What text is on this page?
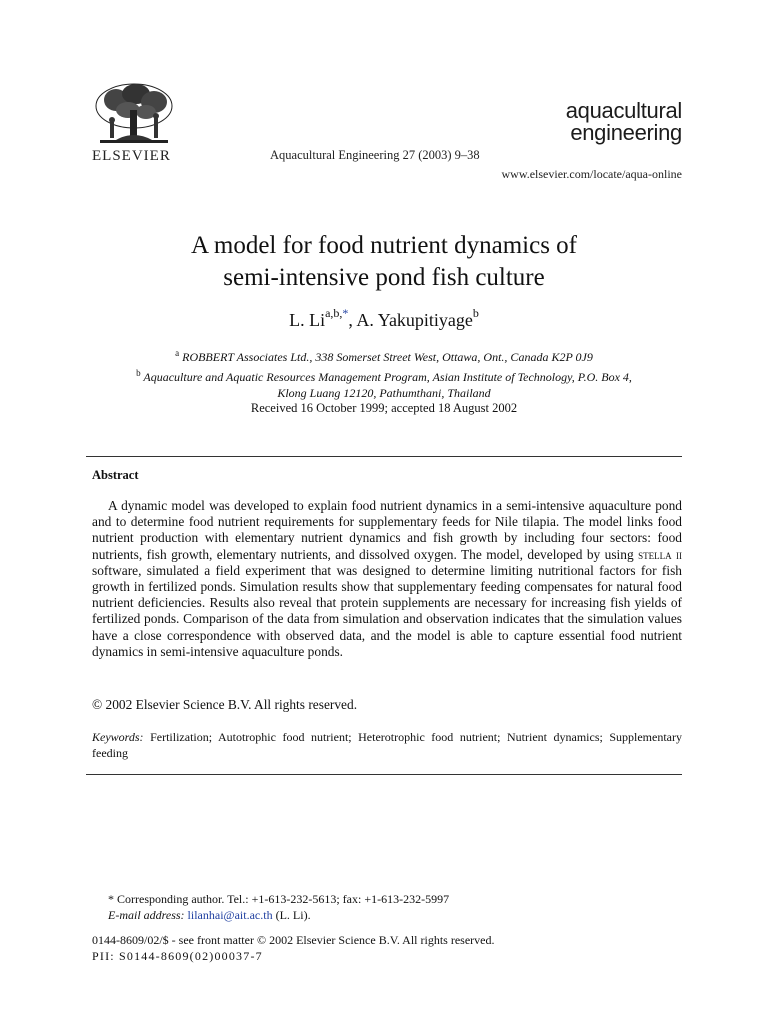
ELSEVIER	Aquacultural Engineering 27 (2003) 9–38
www.elsevier.com/locate/aqua-online
aquacultural
engineering
A model for food nutrient dynamics of
semi-intensive pond fish culture
L. $Li^{a,b,*}$, A. Yakupitiyage$^b$
$^a$ ROBBERT Associates Ltd., 338 Somerset Street West, Ottawa, Ont., Canada K2P 0J9
$^b$ Aquaculture and Aquatic Resources Management Program, Asian Institute of Technology, P.O. Box 4,
Klong Luang 12120, Pathumthani, Thailand
Received 16 October 1999; accepted 18 August 2002
Abstract

A dynamic model was developed to explain food nutrient dynamics in a semi-intensive aquaculture pond and to determine food nutrient requirements for supplementary feeds for Nile tilapia. The model links food nutrient production with elementary nutrient dynamics and fish growth by including four sectors: food nutrients, fish growth, elementary nutrients, and dissolved oxygen. The model, developed by using stella ii software, simulated a field experiment that was designed to determine limiting nutritional factors for fish growth in fertilized ponds. Simulation results show that supplementary feeding compensates for natural food nutrient deficiencies. Results also reveal that protein supplements are necessary for increasing fish yields of fertilized ponds. Comparison of the data from simulation and observation indicates that the simulation values have a close correspondence with observed data, and the model is able to capture essential food nutrient dynamics in semi-intensive aquaculture ponds.

© 2002 Elsevier Science B.V. All rights reserved.
Keywords: Fertilization; Autotrophic food nutrient; Heterotrophic food nutrient; Nutrient dynamics; Supplementary feeding
* Corresponding author. Tel.: +1-613-232-5613; fax: +1-613-232-5997
E-mail address: lilanhai@ait.ac.th (L. Li).
0144-8609/02/$ - see front matter © 2002 Elsevier Science B.V. All rights reserved.
PII: S0144-8609(02)00037-7
